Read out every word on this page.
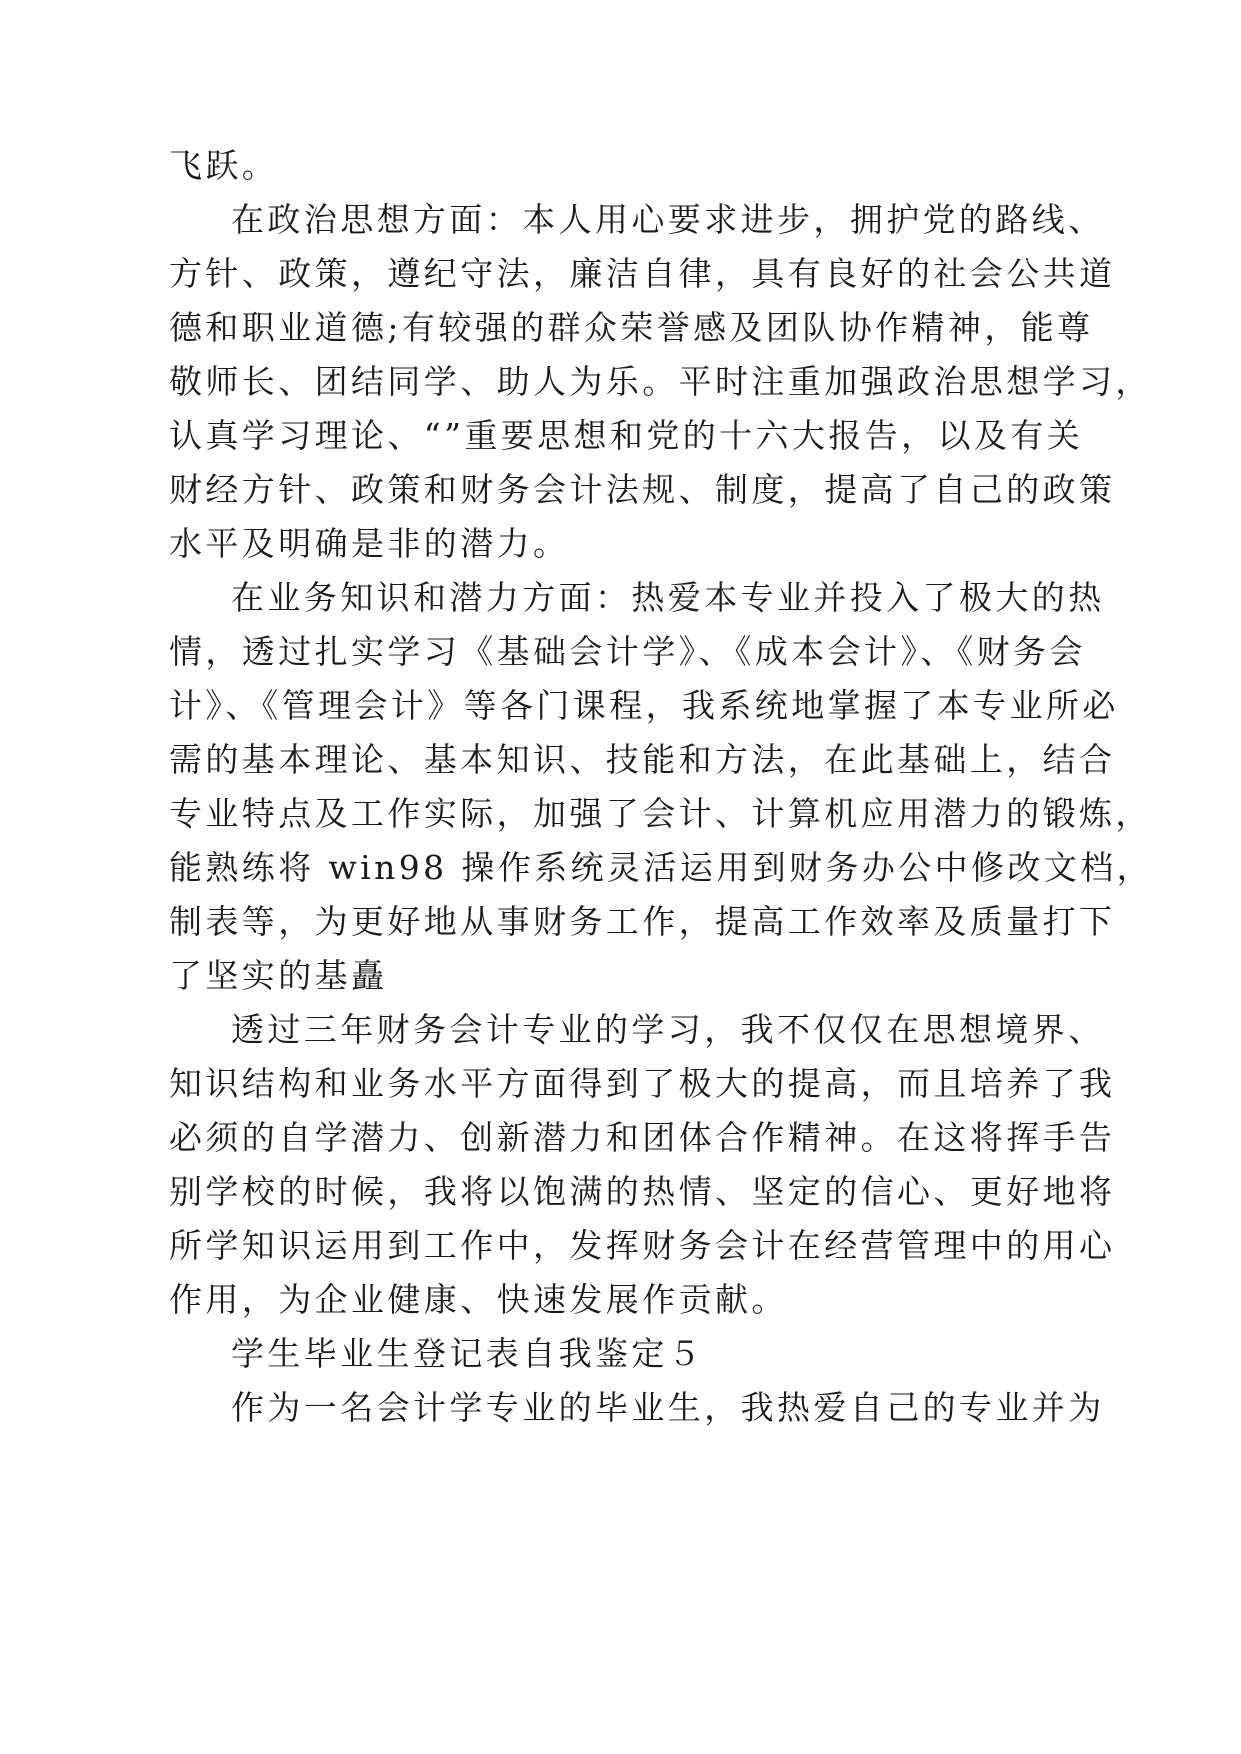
飞跃。
在政治思想方面：本人用心要求进步，拥护党的路线、
方针、政策，遵纪守法，廉洁自律，具有良好的社会公共道
德和职业道德;有较强的群众荣誉感及团队协作精神，能尊
敬师长、团结同学、助人为乐。平时注重加强政治思想学习，
认真学习理论、“”重要思想和党的十六大报告，以及有关
财经方针、政策和财务会计法规、制度，提高了自己的政策
水平及明确是非的潜力。
在业务知识和潜力方面：热爱本专业并投入了极大的热
情，透过扎实学习《基础会计学》、《成本会计》、《财务会
计》、《管理会计》等各门课程，我系统地掌握了本专业所必
需的基本理论、基本知识、技能和方法，在此基础上，结合
专业特点及工作实际，加强了会计、计算机应用潜力的锻炼，
能熟练将 win98 操作系统灵活运用到财务办公中修改文档，
制表等，为更好地从事财务工作，提高工作效率及质量打下
了坚实的基矗
透过三年财务会计专业的学习，我不仅仅在思想境界、
知识结构和业务水平方面得到了极大的提高，而且培养了我
必须的自学潜力、创新潜力和团体合作精神。在这将挥手告
别学校的时候，我将以饱满的热情、坚定的信心、更好地将
所学知识运用到工作中，发挥财务会计在经营管理中的用心
作用，为企业健康、快速发展作贡献。
学生毕业生登记表自我鉴定５
作为一名会计学专业的毕业生，我热爱自己的专业并为
